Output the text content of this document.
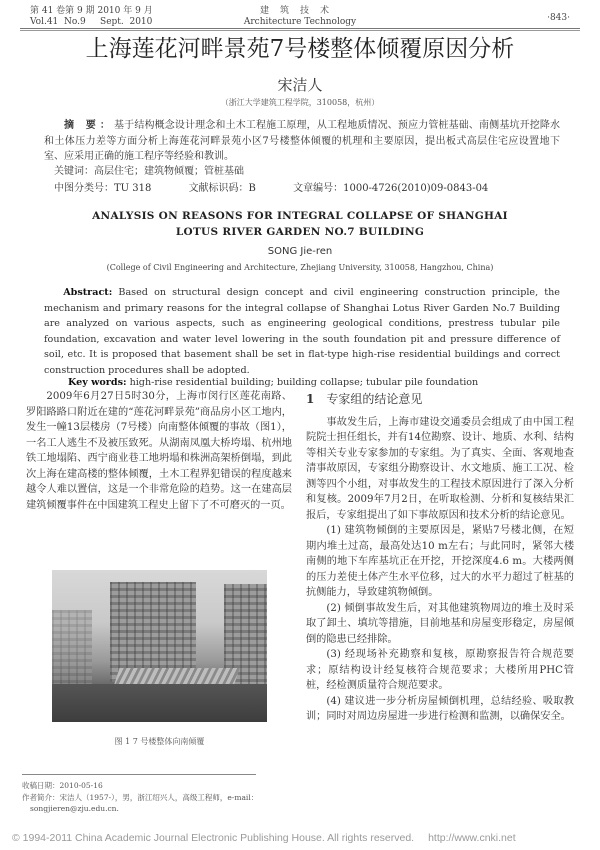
第 41 卷第 9 期 2010 年 9 月
Vol.41  No.9     Sept.  2010
建筑技术
Architecture Technology	·843·
上海莲花河畔景苑7号楼整体倾覆原因分析
宋洁人
（浙江大学建筑工程学院，310058，杭州）
摘 要：基于结构概念设计理念和土木工程施工原理，从工程地质情况、预应力管桩基础、南侧基坑开挖降水和土体压力差等方面分析上海莲花河畔景苑小区7号楼整体倾覆的机理和主要原因，提出板式高层住宅应设置地下室、应采用正确的施工程序等经验和教训。
关键词：高层住宅；建筑物倾覆；管桩基础
中图分类号：TU 318	文献标识码：B	文章编号：1000-4726(2010)09-0843-04
ANALYSIS ON REASONS FOR INTEGRAL COLLAPSE OF SHANGHAI
LOTUS RIVER GARDEN NO.7 BUILDING
SONG Jie-ren
(College of Civil Engineering and Architecture, Zhejiang University, 310058, Hangzhou, China)
Abstract: Based on structural design concept and civil engineering construction principle, the mechanism and primary reasons for the integral collapse of Shanghai Lotus River Garden No.7 Building are analyzed on various aspects, such as engineering geological conditions, prestress tubular pile foundation, excavation and water level lowering in the south foundation pit and pressure difference of soil, etc. It is proposed that basement shall be set in flat-type high-rise residential buildings and correct construction procedures shall be adopted.
Key words: high-rise residential building; building collapse; tubular pile foundation

2009年6月27日5时30分，上海市闵行区莲花南路、罗阳路路口附近在建的“莲花河畔景苑”商品房小区工地内，发生一幢13层楼房（7号楼）向南整体倾覆的事故（图1），一名工人逃生不及被压致死。从湖南凤凰大桥垮塌、杭州地铁工地塌陷、西宁商业巷工地坍塌和株洲高架桥倒塌，到此次上海在建高楼的整体倾覆，土木工程界犯错误的程度越来越令人难以置信，这是一个非常危险的趋势。这一在建高层建筑倾覆事件在中国建筑工程史上留下了不可磨灭的一页。

图 1 7 号楼整体向南倾覆

1 专家组的结论意见

事故发生后，上海市建设交通委员会组成了由中国工程院院士担任组长，并有14位勘察、设计、地质、水利、结构等相关专业专家参加的专家组。为了真实、全面、客观地查清事故原因，专家组分勘察设计、水文地质、施工工况、检测等四个小组，对事故发生的工程技术原因进行了深入分析和复核。2009年7月2日，在听取检测、分析和复核结果汇报后，专家组提出了如下事故原因和技术分析的结论意见。

(1) 建筑物倾倒的主要原因是，紧贴7号楼北侧，在短期内堆土过高，最高处达10 m左右；与此同时，紧邻大楼南侧的地下车库基坑正在开挖，开挖深度4.6 m。大楼两侧的压力差使土体产生水平位移，过大的水平力超过了桩基的抗侧能力，导致建筑物倾倒。

(2) 倾倒事故发生后，对其他建筑物周边的堆土及时采取了卸土、填坑等措施，目前地基和房屋变形稳定，房屋倾倒的隐患已经排除。

(3) 经现场补充勘察和复核，原勘察报告符合规范要求；原结构设计经复核符合规范要求；大楼所用PHC管桩，经检测质量符合规范要求。

(4) 建议进一步分析房屋倾倒机理，总结经验、吸取教训；同时对周边房屋进一步进行检测和监测，以确保安全。

收稿日期：2010-05-16
作者简介：宋洁人（1957-），男，浙江绍兴人，高级工程师，e-mail：
songjieren@zju.edu.cn.
© 1994-2011 China Academic Journal Electronic Publishing House. All rights reserved. http://www.cnki.net
